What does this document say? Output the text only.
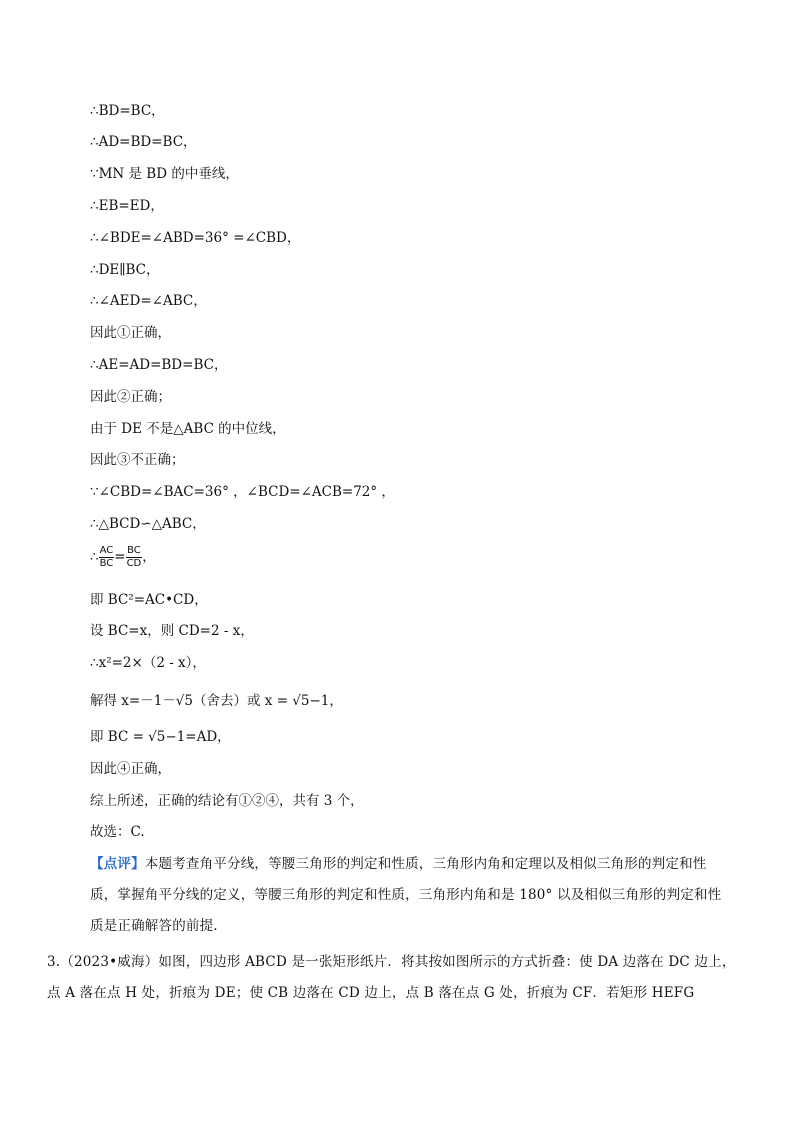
∴BD=BC，
∴AD=BD=BC，
∵MN 是 BD 的中垂线，
∴EB=ED，
∴∠BDE=∠ABD=36° =∠CBD，
∴DE∥BC，
∴∠AED=∠ABC，
因此①正确，
∴AE=AD=BD=BC，
因此②正确；
由于 DE 不是△ABC 的中位线，
因此③不正确；
∵∠CBD=∠BAC=36° ，∠BCD=∠ACB=72° ，
∴△BCD∽△ABC，
∴ $\frac{AC}{BC} = \frac{BC}{CD}$ ，
即 BC²=AC•CD，
设 BC=x，则 CD=2 - x，
∴x²=2×（2 - x），
解得 x=－1－√5（舍去）或 x = √5−1，
即 BC = √5−1=AD，
因此④正确，
综上所述，正确的结论有①②④，共有 3 个，
故选：C.
【点评】本题考查角平分线，等腰三角形的判定和性质，三角形内角和定理以及相似三角形的判定和性质，掌握角平分线的定义，等腰三角形的判定和性质，三角形内角和是 180° 以及相似三角形的判定和性质是正确解答的前提.
3.（2023•威海）如图，四边形 ABCD 是一张矩形纸片．将其按如图所示的方式折叠：使 DA 边落在 DC 边上，点 A 落在点 H 处，折痕为 DE；使 CB 边落在 CD 边上，点 B 落在点 G 处，折痕为 CF．若矩形 HEFG
